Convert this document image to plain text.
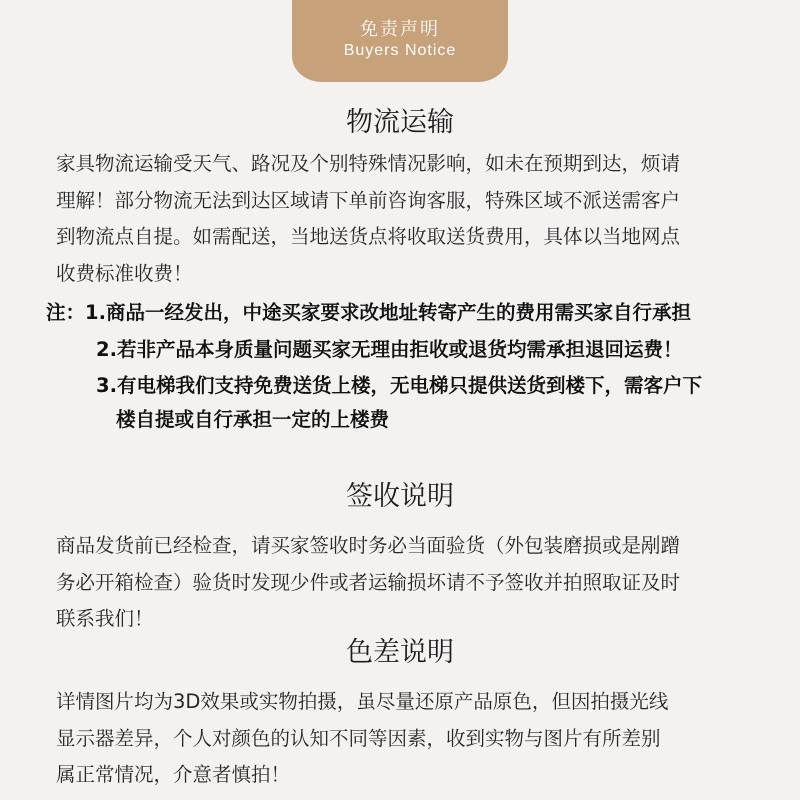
免责声明
Buyers Notice
物流运输
家具物流运输受天气、路况及个别特殊情况影响，如未在预期到达，烦请
理解！部分物流无法到达区域请下单前咨询客服，特殊区域不派送需客户
到物流点自提。如需配送，当地送货点将收取送货费用，具体以当地网点
收费标准收费！
注：1.商品一经发出，中途买家要求改地址转寄产生的费用需买家自行承担
2.若非产品本身质量问题买家无理由拒收或退货均需承担退回运费！
3.有电梯我们支持免费送货上楼，无电梯只提供送货到楼下，需客户下
楼自提或自行承担一定的上楼费
签收说明
商品发货前已经检查，请买家签收时务必当面验货（外包装磨损或是剐蹭
务必开箱检查）验货时发现少件或者运输损坏请不予签收并拍照取证及时
联系我们！
色差说明
详情图片均为3D效果或实物拍摄，虽尽量还原产品原色，但因拍摄光线
显示器差异，个人对颜色的认知不同等因素，收到实物与图片有所差别
属正常情况，介意者慎拍！
